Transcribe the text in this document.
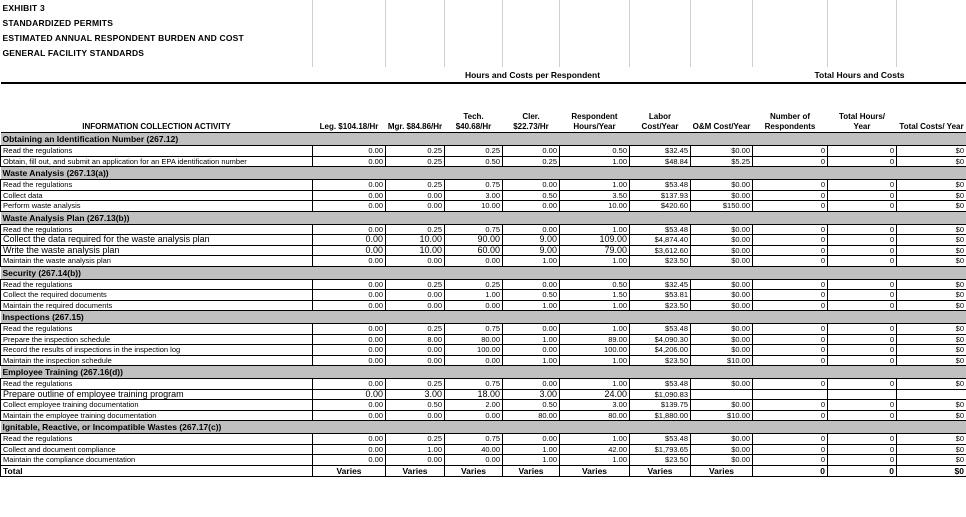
EXHIBIT 3										
STANDARDIZED PERMITS										
ESTIMATED ANNUAL RESPONDENT BURDEN AND COST										
GENERAL FACILITY STANDARDS										

	Hours and Costs per Respondent							Total Hours and Costs		
INFORMATION COLLECTION ACTIVITY	Leg. $104.18/Hr	Mgr. $84.86/Hr	Tech. $40.68/Hr	Cler. $22.73/Hr	Respondent Hours/Year	Labor Cost/Year	O&M Cost/Year	Number of Respondents	Total Hours/ Year	Total Costs/ Year
Obtaining an Identification Number (267.12)										
Read the regulations	0.00	0.25	0.25	0.00	0.50	$32.45	$0.00	0	0	$0
Obtain, fill out, and submit an application for an EPA identification number	0.00	0.25	0.50	0.25	1.00	$48.84	$5.25	0	0	$0
Waste Analysis (267.13(a))										
Read the regulations	0.00	0.25	0.75	0.00	1.00	$53.48	$0.00	0	0	$0
Collect data	0.00	0.00	3.00	0.50	3.50	$137.93	$0.00	0	0	$0
Perform waste analysis	0.00	0.00	10.00	0.00	10.00	$420.60	$150.00	0	0	$0
Waste Analysis Plan (267.13(b))										
Read the regulations	0.00	0.25	0.75	0.00	1.00	$53.48	$0.00	0	0	$0
Collect the data required for the waste analysis plan	0.00	10.00	90.00	9.00	109.00	$4,874.40	$0.00	0	0	$0
Write the waste analysis plan	0.00	10.00	60.00	9.00	79.00	$3,612.60	$0.00	0	0	$0
Maintain the waste analysis plan	0.00	0.00	0.00	1.00	1.00	$23.50	$0.00	0	0	$0
Security (267.14(b))										
Read the regulations	0.00	0.25	0.25	0.00	0.50	$32.45	$0.00	0	0	$0
Collect the required documents	0.00	0.00	1.00	0.50	1.50	$53.81	$0.00	0	0	$0
Maintain the required documents	0.00	0.00	0.00	1.00	1.00	$23.50	$0.00	0	0	$0
Inspections (267.15)										
Read the regulations	0.00	0.25	0.75	0.00	1.00	$53.48	$0.00	0	0	$0
Prepare the inspection schedule	0.00	8.00	80.00	1.00	89.00	$4,090.30	$0.00	0	0	$0
Record the results of inspections in the inspection log	0.00	0.00	100.00	0.00	100.00	$4,206.00	$0.00	0	0	$0
Maintain the inspection schedule	0.00	0.00	0.00	1.00	1.00	$23.50	$10.00	0	0	$0
Employee Training (267.16(d))										
Read the regulations	0.00	0.25	0.75	0.00	1.00	$53.48	$0.00	0	0	$0
Prepare outline of employee training program	0.00	3.00	18.00	3.00	24.00	$1,090.83				
Collect employee training documentation	0.00	0.50	2.00	0.50	3.00	$139.75	$0.00	0	0	$0
Maintain the employee training documentation	0.00	0.00	0.00	80.00	80.00	$1,880.00	$10.00	0	0	$0
Ignitable, Reactive, or Incompatible Wastes (267.17(c))										
Read the regulations	0.00	0.25	0.75	0.00	1.00	$53.48	$0.00	0	0	$0
Collect and document compliance	0.00	1.00	40.00	1.00	42.00	$1,793.65	$0.00	0	0	$0
Maintain the compliance documentation	0.00	0.00	0.00	1.00	1.00	$23.50	$0.00	0	0	$0
Total	Varies	Varies	Varies	Varies	Varies	Varies	Varies	0	0	$0
